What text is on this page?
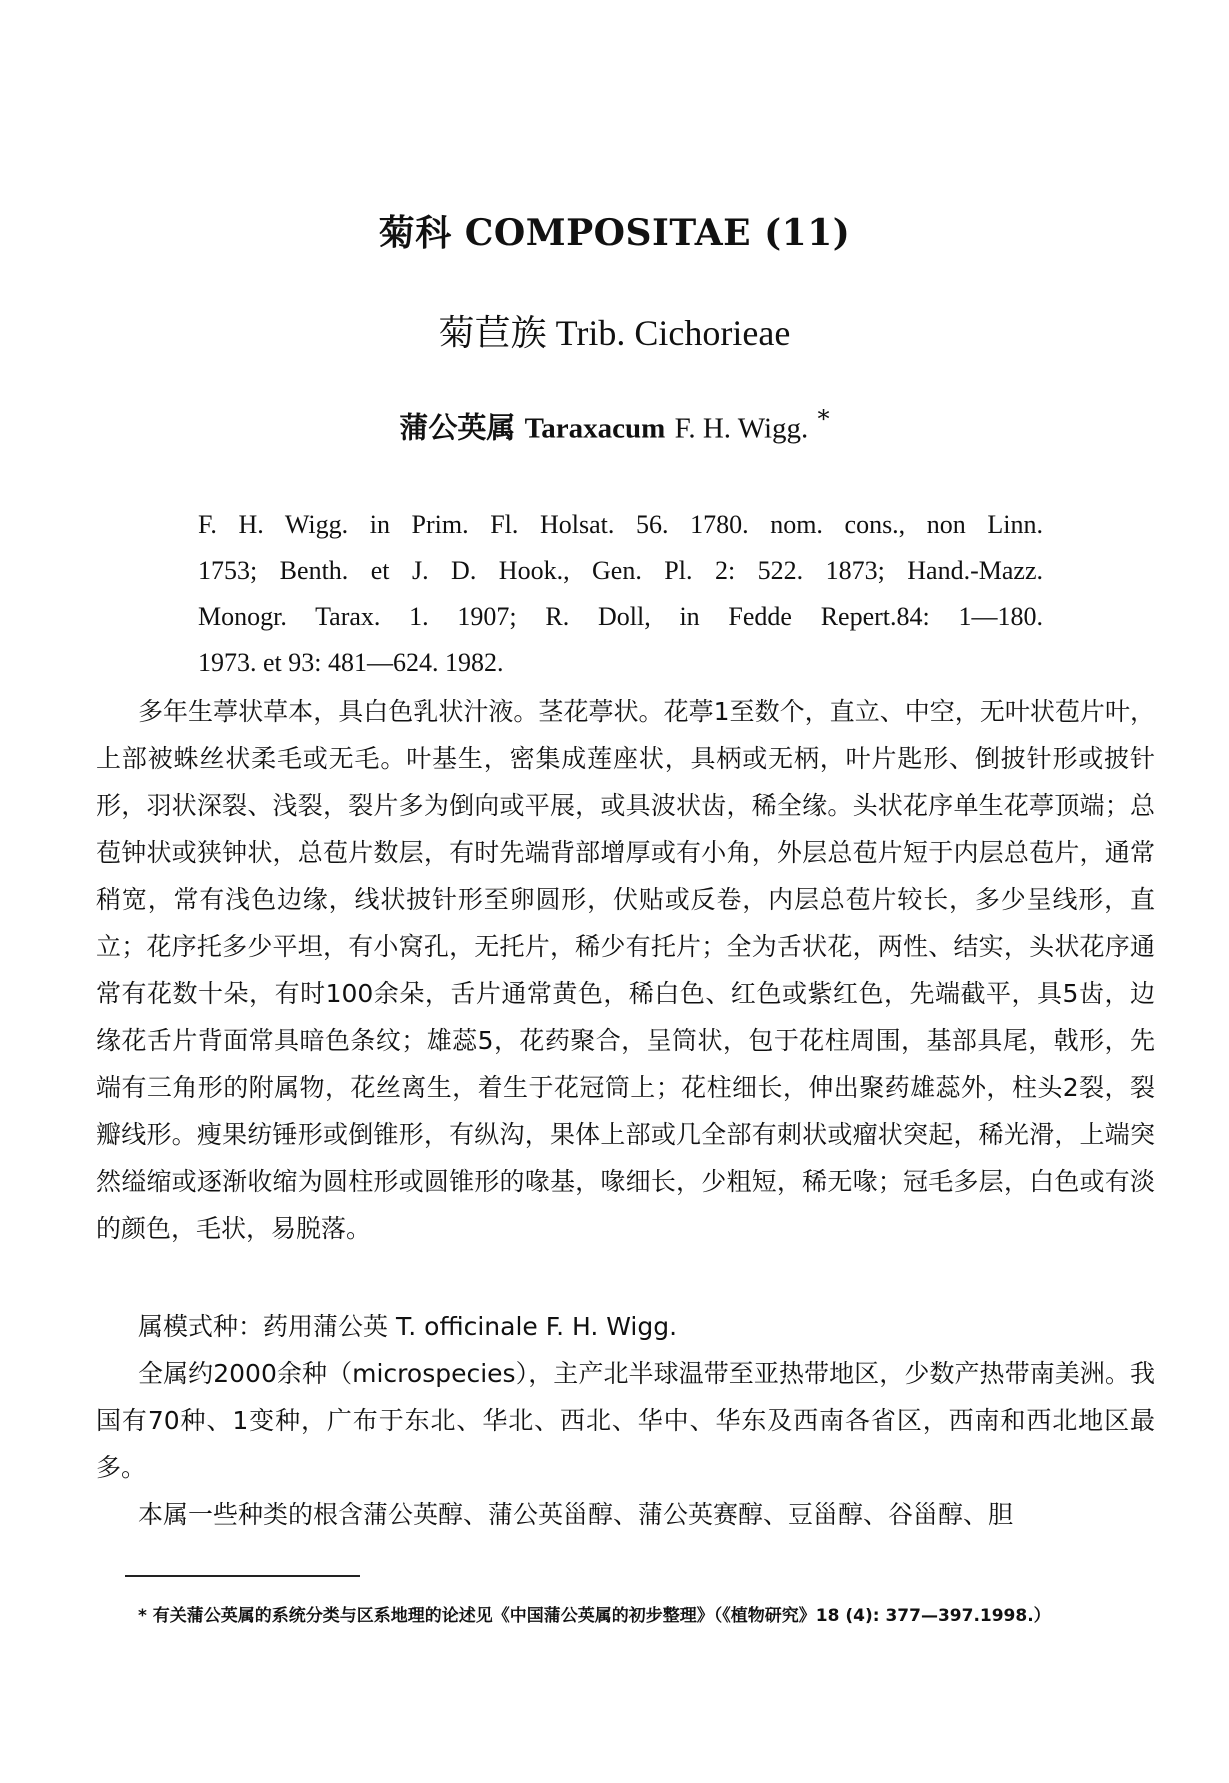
菊科 COMPOSITAE (11)
菊苣族 Trib. Cichorieae
蒲公英属 Taraxacum F. H. Wigg. *
F. H. Wigg. in Prim. Fl. Holsat. 56. 1780. nom. cons., non Linn.
1753; Benth. et J. D. Hook., Gen. Pl. 2: 522. 1873; Hand.-Mazz.
Monogr. Tarax. 1. 1907; R. Doll, in Fedde Repert.84: 1—180.
1973. et 93: 481—624. 1982.

多年生葶状草本，具白色乳状汁液。茎花葶状。花葶1至数个，直立、中空，无叶状苞片叶，上部被蛛丝状柔毛或无毛。叶基生，密集成莲座状，具柄或无柄，叶片匙形、倒披针形或披针形，羽状深裂、浅裂，裂片多为倒向或平展，或具波状齿，稀全缘。头状花序单生花葶顶端；总苞钟状或狭钟状，总苞片数层，有时先端背部增厚或有小角，外层总苞片短于内层总苞片，通常稍宽，常有浅色边缘，线状披针形至卵圆形，伏贴或反卷，内层总苞片较长，多少呈线形，直立；花序托多少平坦，有小窝孔，无托片，稀少有托片；全为舌状花，两性、结实，头状花序通常有花数十朵，有时100余朵，舌片通常黄色，稀白色、红色或紫红色，先端截平，具5齿，边缘花舌片背面常具暗色条纹；雄蕊5，花药聚合，呈筒状，包于花柱周围，基部具尾，戟形，先端有三角形的附属物，花丝离生，着生于花冠筒上；花柱细长，伸出聚药雄蕊外，柱头2裂，裂瓣线形。瘦果纺锤形或倒锥形，有纵沟，果体上部或几全部有刺状或瘤状突起，稀光滑，上端突然缢缩或逐渐收缩为圆柱形或圆锥形的喙基，喙细长，少粗短，稀无喙；冠毛多层，白色或有淡的颜色，毛状，易脱落。

属模式种：药用蒲公英 T. officinale F. H. Wigg.

全属约2000余种（microspecies），主产北半球温带至亚热带地区，少数产热带南美洲。我国有70种、1变种，广布于东北、华北、西北、华中、华东及西南各省区，西南和西北地区最多。

本属一些种类的根含蒲公英醇、蒲公英甾醇、蒲公英赛醇、豆甾醇、谷甾醇、胆

* 有关蒲公英属的系统分类与区系地理的论述见《中国蒲公英属的初步整理》（《植物研究》18 (4): 377—397.1998.）
